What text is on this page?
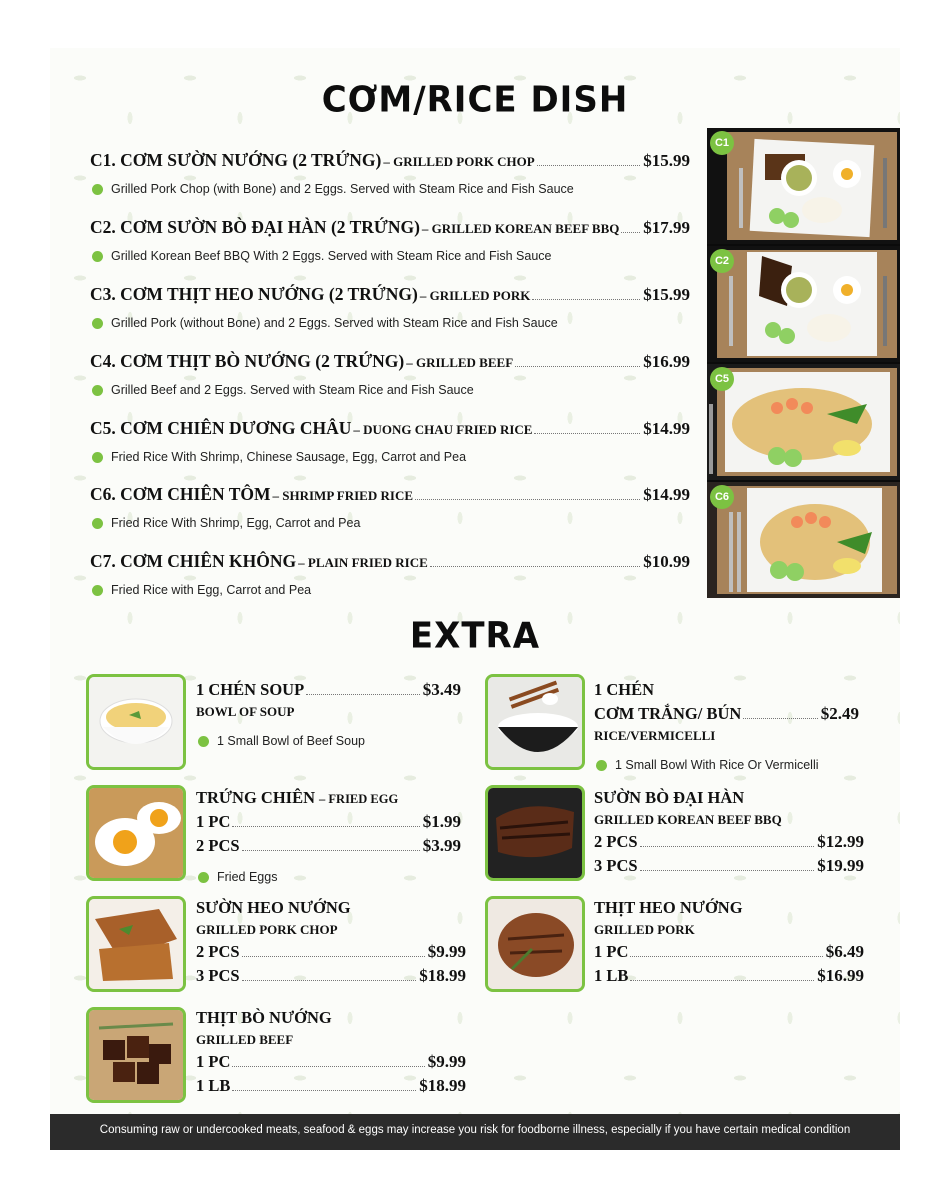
CƠM/RICE DISH
C1. CƠM SƯỜN NƯỚNG (2 TRỨNG) – GRILLED PORK CHOP	$15.99
Grilled Pork Chop (with Bone) and 2 Eggs. Served with Steam Rice and Fish Sauce
C2. CƠM SƯỜN BÒ ĐẠI HÀN (2 TRỨNG) – GRILLED KOREAN BEEF BBQ $17.99
Grilled Korean Beef BBQ With 2 Eggs. Served with Steam Rice and Fish Sauce
C3. CƠM THỊT HEO NƯỚNG (2 TRỨNG) – GRILLED PORK	$15.99
Grilled Pork (without Bone) and 2 Eggs. Served with Steam Rice and Fish Sauce
C4. CƠM THỊT BÒ NƯỚNG (2 TRỨNG) – GRILLED BEEF	$16.99
Grilled Beef and 2 Eggs. Served with Steam Rice and Fish Sauce
C5. CƠM CHIÊN DƯƠNG CHÂU – DUONG CHAU FRIED RICE	$14.99
Fried Rice With Shrimp, Chinese Sausage, Egg, Carrot and Pea
C6. CƠM CHIÊN TÔM – SHRIMP FRIED RICE	$14.99
Fried Rice With Shrimp, Egg, Carrot and Pea
C7. CƠM CHIÊN KHÔNG – PLAIN FRIED RICE	$10.99
Fried Rice with Egg, Carrot and Pea
C1
C2
C5
C6
EXTRA
1 CHÉN SOUP	$3.49
BOWL OF SOUP
1 Small Bowl of Beef Soup
1 CHÉN
CƠM TRẮNG/ BÚN	$2.49
RICE/VERMICELLI
1 Small Bowl With Rice Or Vermicelli
TRỨNG CHIÊN – FRIED EGG
1 PC	$1.99
2 PCS	$3.99
Fried Eggs
SƯỜN BÒ ĐẠI HÀN
GRILLED KOREAN BEEF BBQ
2 PCS	$12.99
3 PCS	$19.99
SƯỜN HEO NƯỚNG
GRILLED PORK CHOP
2 PCS	$9.99
3 PCS	$18.99
THỊT HEO NƯỚNG
GRILLED PORK
1 PC	$6.49
1 LB	$16.99
THỊT BÒ NƯỚNG
GRILLED BEEF
1 PC	$9.99
1 LB	$18.99
Consuming raw or undercooked meats, seafood & eggs may increase you risk for foodborne illness, especially if you have certain medical condition
